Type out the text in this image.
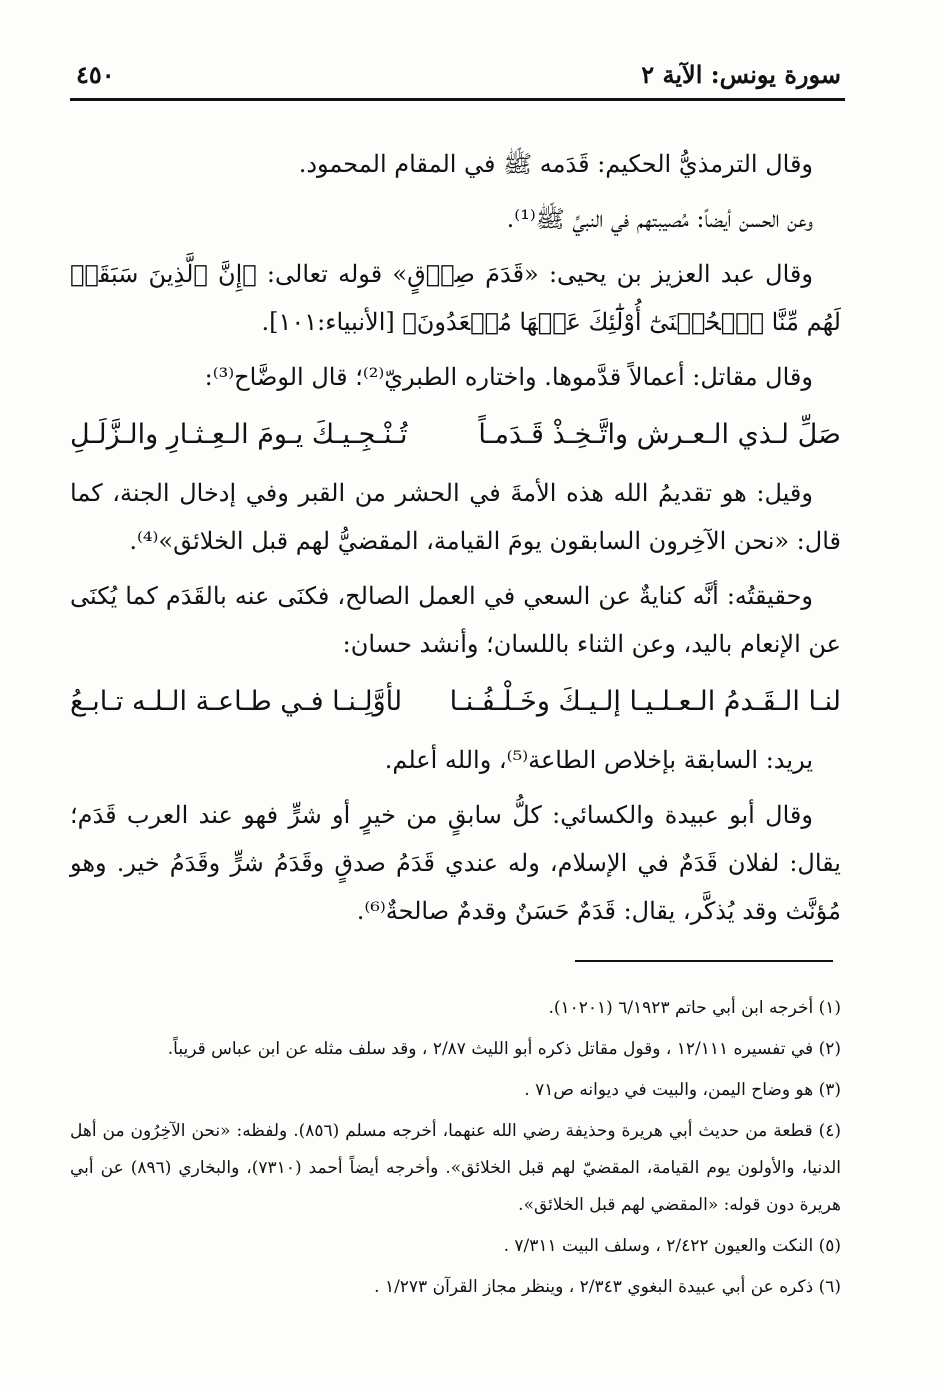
سورة يونس: الآية ٢
٤٥٠

وقال الترمذيُّ الحكيم: قَدَمه ﷺ في المقام المحمود.

وعن الحسن أيضاً: مُصيبتهم في النبيِّ ﷺ⁽¹⁾.

وقال عبد العزيز بن يحيى: «قَدَمَ صِدۡقٍ» قوله تعالى: ﴿إِنَّ ٱلَّذِينَ سَبَقَتۡ لَهُم مِّنَّا ٱلۡحُسۡنَىٰٓ أُوْلَٰٓئِكَ عَنۡهَا مُبۡعَدُونَ﴾ [الأنبياء:١٠١].

وقال مقاتل: أعمالاً قدَّموها. واختاره الطبريّ⁽²⁾؛ قال الوضَّاح⁽³⁾:

صَلِّ لـذي الـعـرش واتَّـخِـذْ قَـدَمـاً
تُـنْـجِـيـكَ يـومَ الـعِـثـارِ والـزَّلَـلِ

وقيل: هو تقديمُ الله هذه الأمةَ في الحشر من القبر وفي إدخال الجنة، كما قال: «نحن الآخِرون السابقون يومَ القيامة، المقضيُّ لهم قبل الخلائق»⁽⁴⁾.

وحقيقتُه: أنَّه كنايةٌ عن السعي في العمل الصالح، فكنَى عنه بالقَدَم كما يُكنَى عن الإنعام باليد، وعن الثناء باللسان؛ وأنشد حسان:

لنـا الـقَـدمُ الـعـلـيـا إلـيـكَ وخَـلْـفُـنـا
لأوَّلِـنـا فـي طـاعـة الـلـه تـابـعُ

يريد: السابقة بإخلاص الطاعة⁽⁵⁾، والله أعلم.

وقال أبو عبيدة والكسائي: كلُّ سابقٍ من خيرٍ أو شرٍّ فهو عند العرب قَدَم؛ يقال: لفلان قَدَمٌ في الإسلام، وله عندي قَدَمُ صدقٍ وقَدَمُ شرٍّ وقَدَمُ خير. وهو مُؤنَّث وقد يُذكَّر، يقال: قَدَمٌ حَسَنٌ وقدمٌ صالحةٌ⁽⁶⁾.

(١) أخرجه ابن أبي حاتم ٦/١٩٢٣ (١٠٢٠١).

(٢) في تفسيره ١٢/١١١ ، وقول مقاتل ذكره أبو الليث ٢/٨٧ ، وقد سلف مثله عن ابن عباس قريباً.

(٣) هو وضاح اليمن، والبيت في ديوانه ص٧١ .

(٤) قطعة من حديث أبي هريرة وحذيفة رضي الله عنهما، أخرجه مسلم (٨٥٦). ولفظه: «نحن الآخِرُون من أهل الدنيا، والأولون يوم القيامة، المقضيّ لهم قبل الخلائق». وأخرجه أيضاً أحمد (٧٣١٠)، والبخاري (٨٩٦) عن أبي هريرة دون قوله: «المقضي لهم قبل الخلائق».

(٥) النكت والعيون ٢/٤٢٢ ، وسلف البيت ٧/٣١١ .

(٦) ذكره عن أبي عبيدة البغوي ٢/٣٤٣ ، وينظر مجاز القرآن ١/٢٧٣ .
